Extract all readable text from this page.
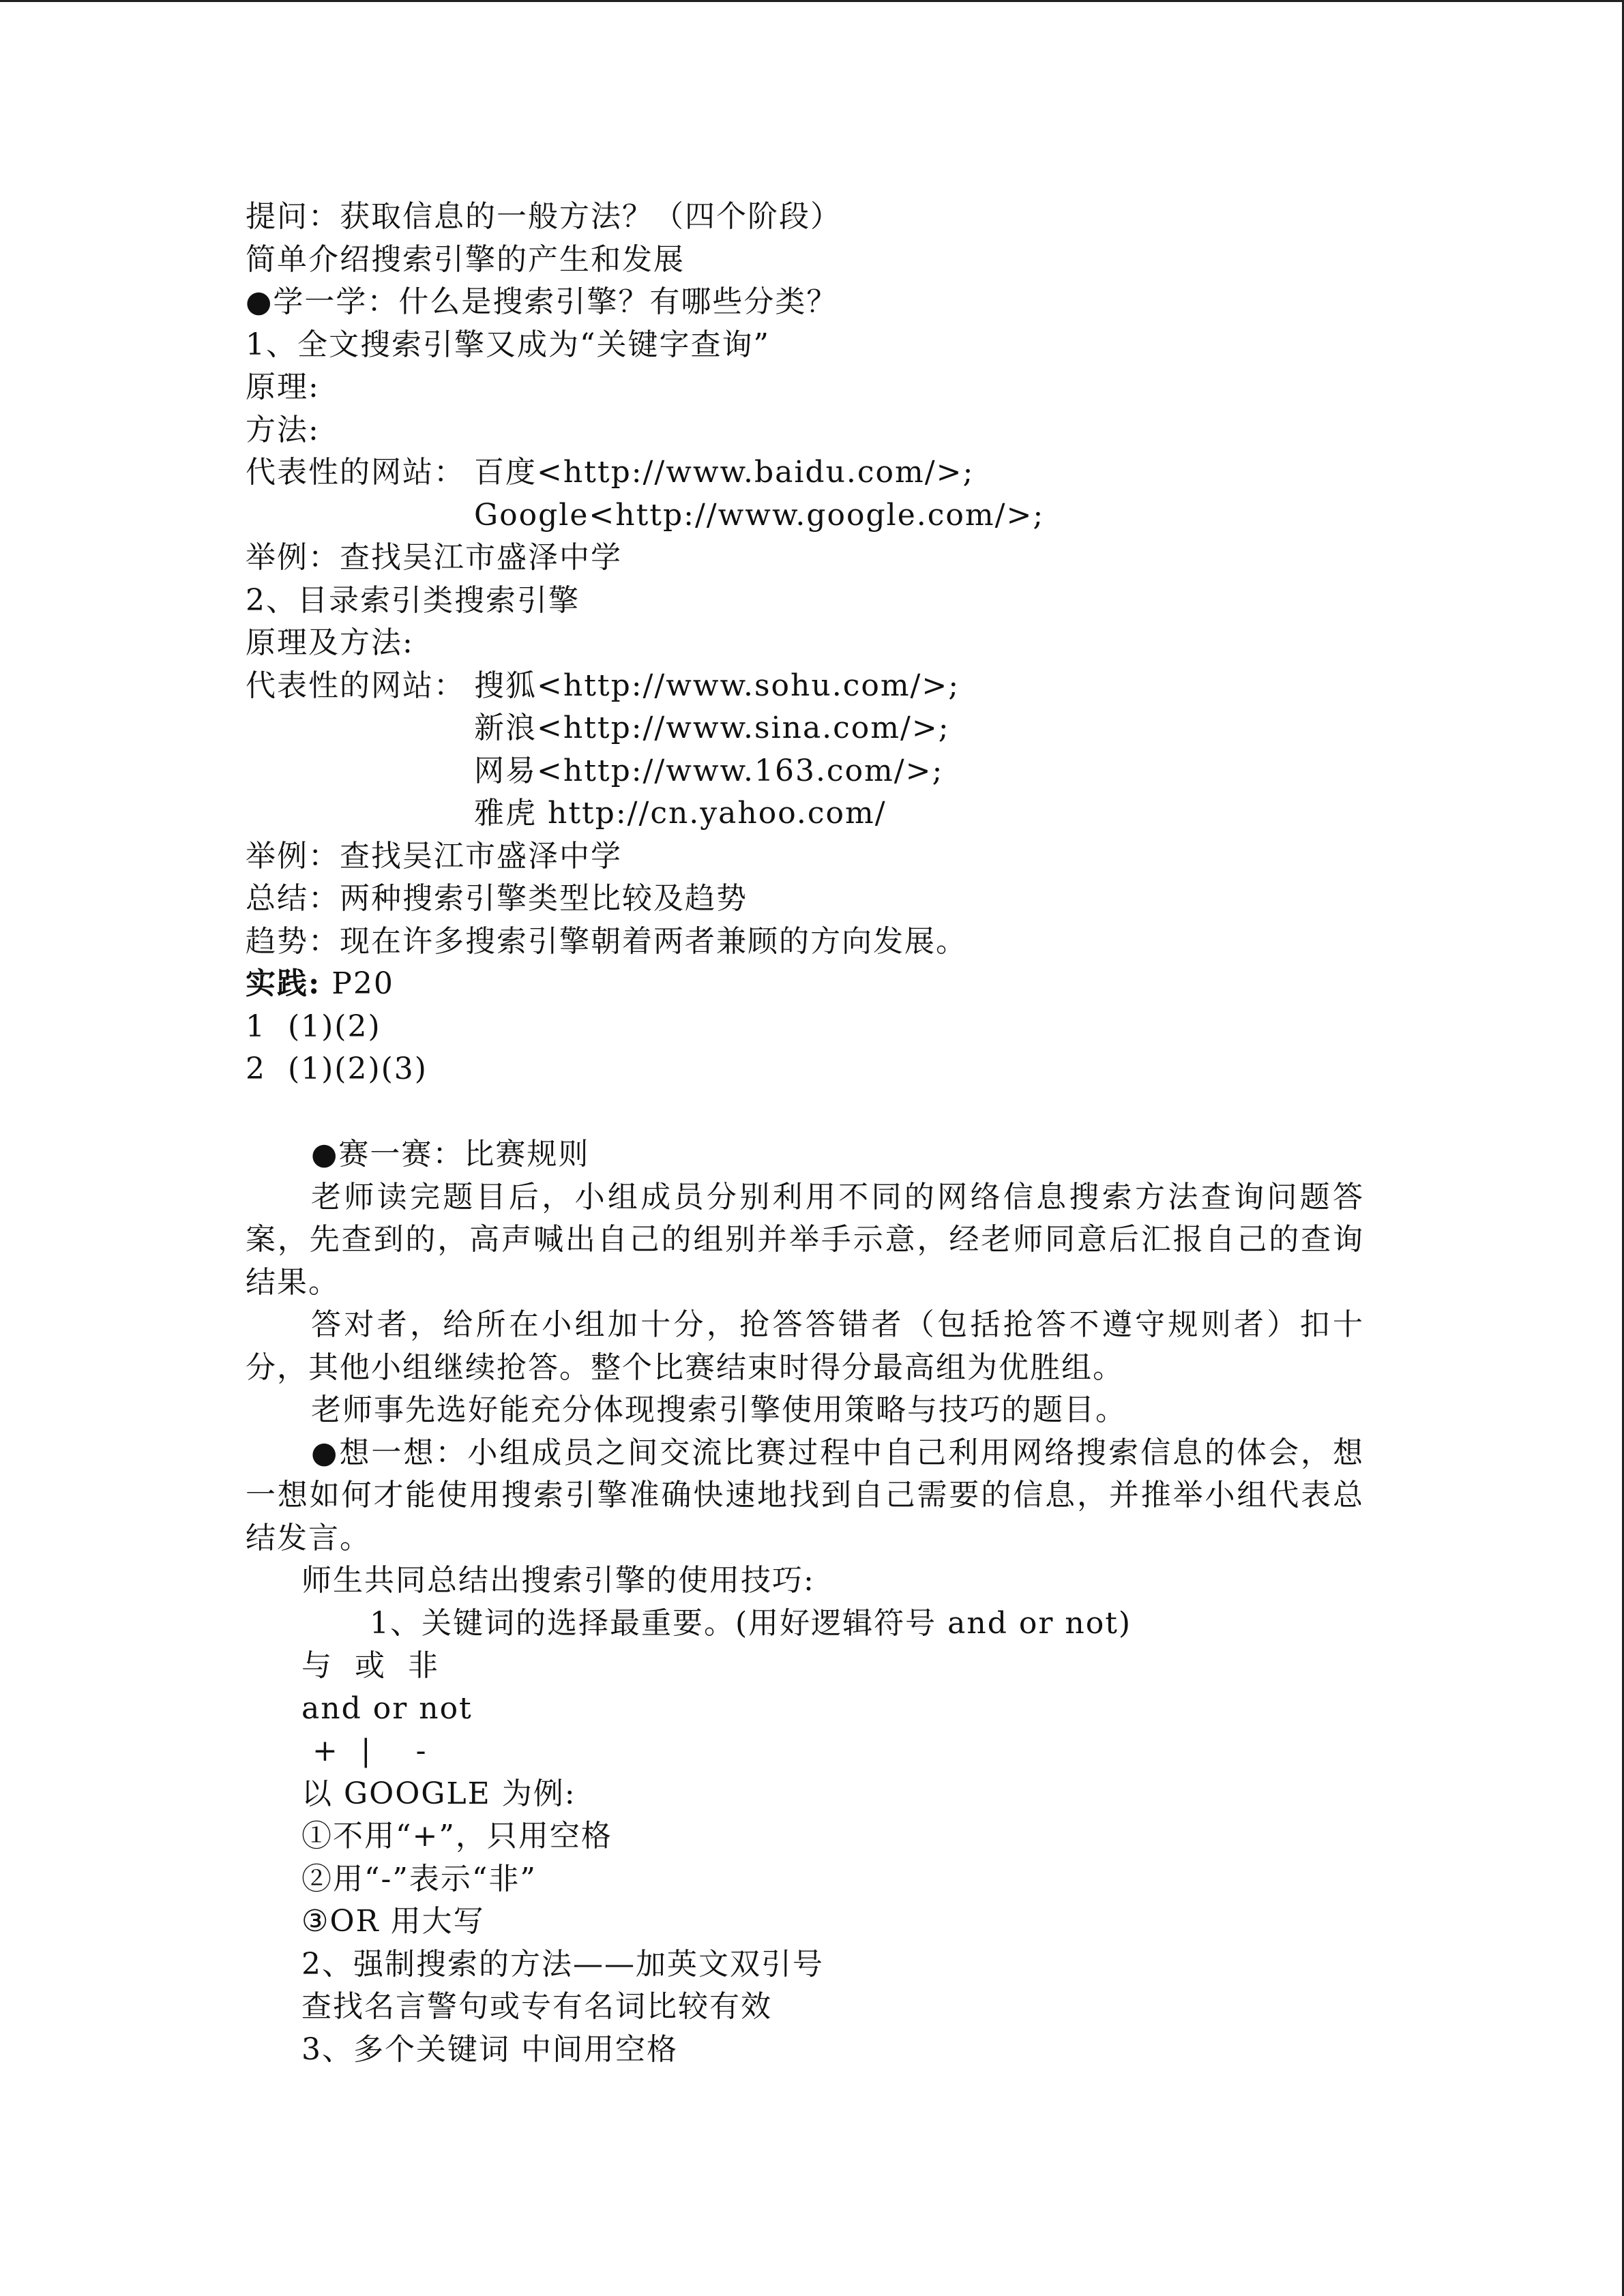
提问：获取信息的一般方法？（四个阶段）
简单介绍搜索引擎的产生和发展
●学一学：什么是搜索引擎？有哪些分类？
1、全文搜索引擎又成为“关键字查询”
原理:
方法:
代表性的网站： 百度<http://www.baidu.com/>;
Google<http://www.google.com/>;
举例：查找吴江市盛泽中学
2、目录索引类搜索引擎
原理及方法:
代表性的网站： 搜狐<http://www.sohu.com/>;
新浪<http://www.sina.com/>;
网易<http://www.163.com/>;
雅虎 http://cn.yahoo.com/
举例：查找吴江市盛泽中学
总结：两种搜索引擎类型比较及趋势
趋势：现在许多搜索引擎朝着两者兼顾的方向发展。
实践: P20
1  (1)(2)
2  (1)(2)(3)
●赛一赛：比赛规则
老师读完题目后，小组成员分别利用不同的网络信息搜索方法查询问题答案，先查到的，高声喊出自己的组别并举手示意，经老师同意后汇报自己的查询结果。
答对者，给所在小组加十分，抢答答错者（包括抢答不遵守规则者）扣十分，其他小组继续抢答。整个比赛结束时得分最高组为优胜组。
老师事先选好能充分体现搜索引擎使用策略与技巧的题目。
●想一想：小组成员之间交流比赛过程中自己利用网络搜索信息的体会，想一想如何才能使用搜索引擎准确快速地找到自己需要的信息，并推举小组代表总结发言。
师生共同总结出搜索引擎的使用技巧:
1、关键词的选择最重要。(用好逻辑符号 and or not)
与  或  非
and or not
+  |    -
以 GOOGLE 为例:
①不用“+”，只用空格
②用“-”表示“非”
③OR 用大写
2、强制搜索的方法——加英文双引号
查找名言警句或专有名词比较有效
3、多个关键词 中间用空格
